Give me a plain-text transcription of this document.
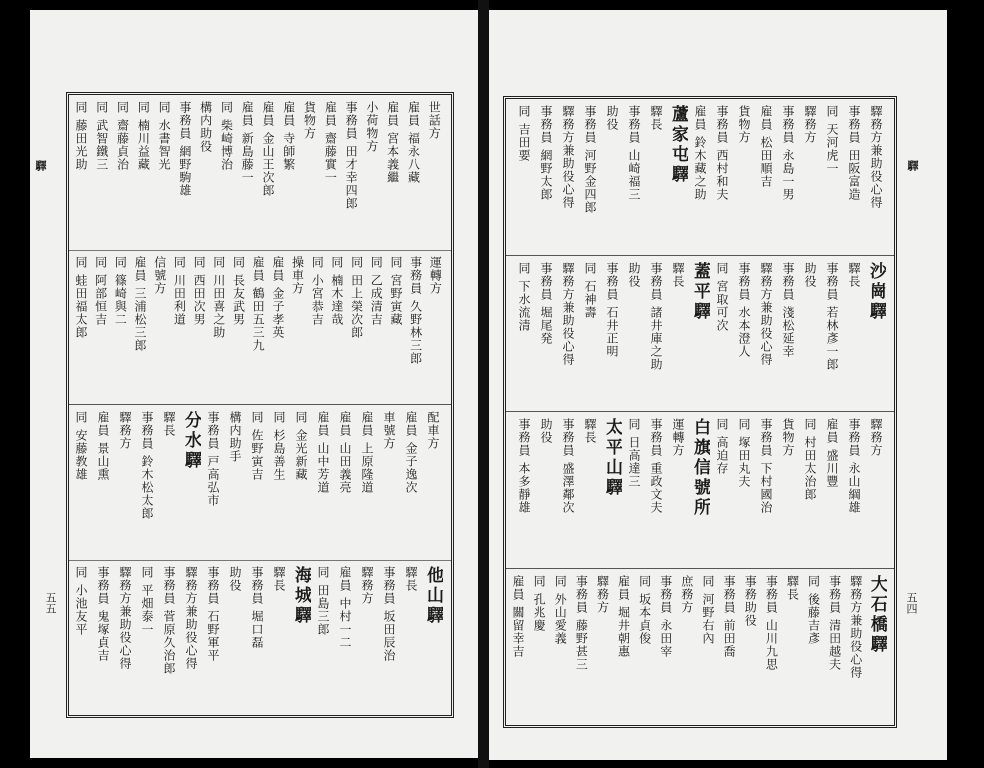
驛
世話方
雇員 福永八藏
雇員 宮本義繼
小荷物方
事務員 田才幸四郎
雇員 齋藤實一
貨物方
雇員 寺師繁
雇員 金山王次郎
雇員 新島藤一
同 柴崎博治
構内助役
事務員 網野駒雄
同 水書智光
同 楠川益藏
同 齋藤貞治
同 武智鐵三
同 藤田光助
運轉方
事務員 久野林三郎
同 宮野寅藏
同 乙成清吉
同 田上榮次郎
同 楠木達哉
同 小宮恭吉
操車方
雇員 金子孝英
雇員 鶴田五三九
同 長友武男
同 川田喜之助
同 西田次男
同 川田利道
信號方
雇員 三浦松三郎
同 篠崎與二
同 阿部恒吉
同 蛙田福太郎
配車方
雇員 金子逸次
車號方
雇員 上原隆道
雇員 山田義亮
雇員 山中芳道
同 金光新藏
同 杉島善生
同 佐野寅吉
構内助手
事務員 戸高弘市
分水驛
驛長
事務員 鈴木松太郎
驛務方
雇員 景山熏
同 安藤教雄
他山驛
驛長
事務員 坂田辰治
驛務方
雇員 中村一二
同 田島三郎
海城驛
驛長
事務員 堀口磊
助役
事務員 石野軍平
驛務方兼助役心得
事務員 菅原久治郎
同 平畑泰一
驛務方兼助役心得
事務員 鬼塚貞吉
同 小池友平
五五
驛
驛務方兼助役心得
事務員 田阪富造
同 天河虎一
驛務方
事務員 永島一男
雇員 松田順吉
貨物方
事務員 西村和夫
雇員 鈴木藏之助
蘆家屯驛
驛長
事務員 山崎福三
助役
事務員 河野金四郎
驛務方兼助役心得
事務員 網野太郎
同 吉田要
沙崗驛
驛長
事務員 若林彥一郎
助役
事務員 淺松延幸
驛務方兼助役心得
事務員 水本澄人
同 宮取可次
蓋平驛
驛長
事務員 諸井庫之助
助役
事務員 石井正明
同 石神壽
驛務方兼助役心得
事務員 堀尾発
同 下水流清
驛務方
事務員 永山綱雄
雇員 盛川豐
同 村田太治郎
貨物方
事務員 下村國治
同 塚田丸夫
同 高迫存
白旗信號所
運轉方
事務員 重政文夫
同 日高達三
太平山驛
驛長
事務員 盛澤鄰次
助役
事務員 本多靜雄
大石橋驛
驛務方兼助役心得
事務員 清田越夫
同 後藤吉彥
驛長
事務員 山川九思
事務助役
事務員 前田喬
同 河野右內
庶務方
事務員 永田宰
同 坂本貞俊
雇員 堀井朝惠
驛務方
事務員 藤野甚三
同 外山愛義
同 孔兆慶
雇員 關留幸吉	五四
